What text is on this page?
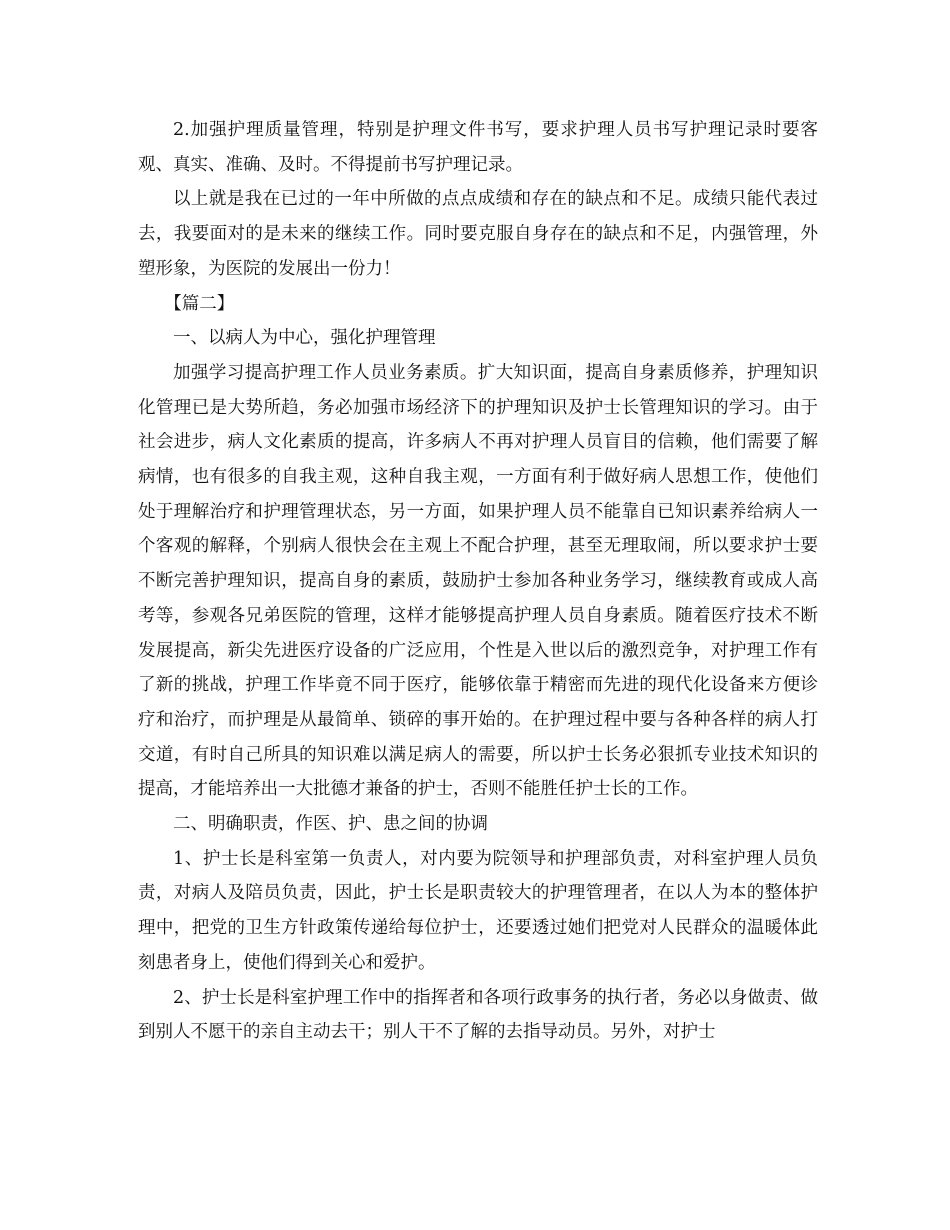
2.加强护理质量管理，特别是护理文件书写，要求护理人员书写护理记录时要客观、真实、准确、及时。不得提前书写护理记录。

以上就是我在已过的一年中所做的点点成绩和存在的缺点和不足。成绩只能代表过去，我要面对的是未来的继续工作。同时要克服自身存在的缺点和不足，内强管理，外塑形象，为医院的发展出一份力！

【篇二】

一、以病人为中心，强化护理管理

加强学习提高护理工作人员业务素质。扩大知识面，提高自身素质修养，护理知识化管理已是大势所趋，务必加强市场经济下的护理知识及护士长管理知识的学习。由于社会进步，病人文化素质的提高，许多病人不再对护理人员盲目的信赖，他们需要了解病情，也有很多的自我主观，这种自我主观，一方面有利于做好病人思想工作，使他们处于理解治疗和护理管理状态，另一方面，如果护理人员不能靠自已知识素养给病人一个客观的解释，个别病人很快会在主观上不配合护理，甚至无理取闹，所以要求护士要不断完善护理知识，提高自身的素质，鼓励护士参加各种业务学习，继续教育或成人高考等，参观各兄弟医院的管理，这样才能够提高护理人员自身素质。随着医疗技术不断发展提高，新尖先进医疗设备的广泛应用，个性是入世以后的激烈竞争，对护理工作有了新的挑战，护理工作毕竟不同于医疗，能够依靠于精密而先进的现代化设备来方便诊疗和治疗，而护理是从最简单、锁碎的事开始的。在护理过程中要与各种各样的病人打交道，有时自己所具的知识难以满足病人的需要，所以护士长务必狠抓专业技术知识的提高，才能培养出一大批德才兼备的护士，否则不能胜任护士长的工作。

二、明确职责，作医、护、患之间的协调

1、护士长是科室第一负责人，对内要为院领导和护理部负责，对科室护理人员负责，对病人及陪员负责，因此，护士长是职责较大的护理管理者，在以人为本的整体护理中，把党的卫生方针政策传递给每位护士，还要透过她们把党对人民群众的温暖体此刻患者身上，使他们得到关心和爱护。

2、护士长是科室护理工作中的指挥者和各项行政事务的执行者，务必以身做责、做到别人不愿干的亲自主动去干；别人干不了解的去指导动员。另外，对护士
